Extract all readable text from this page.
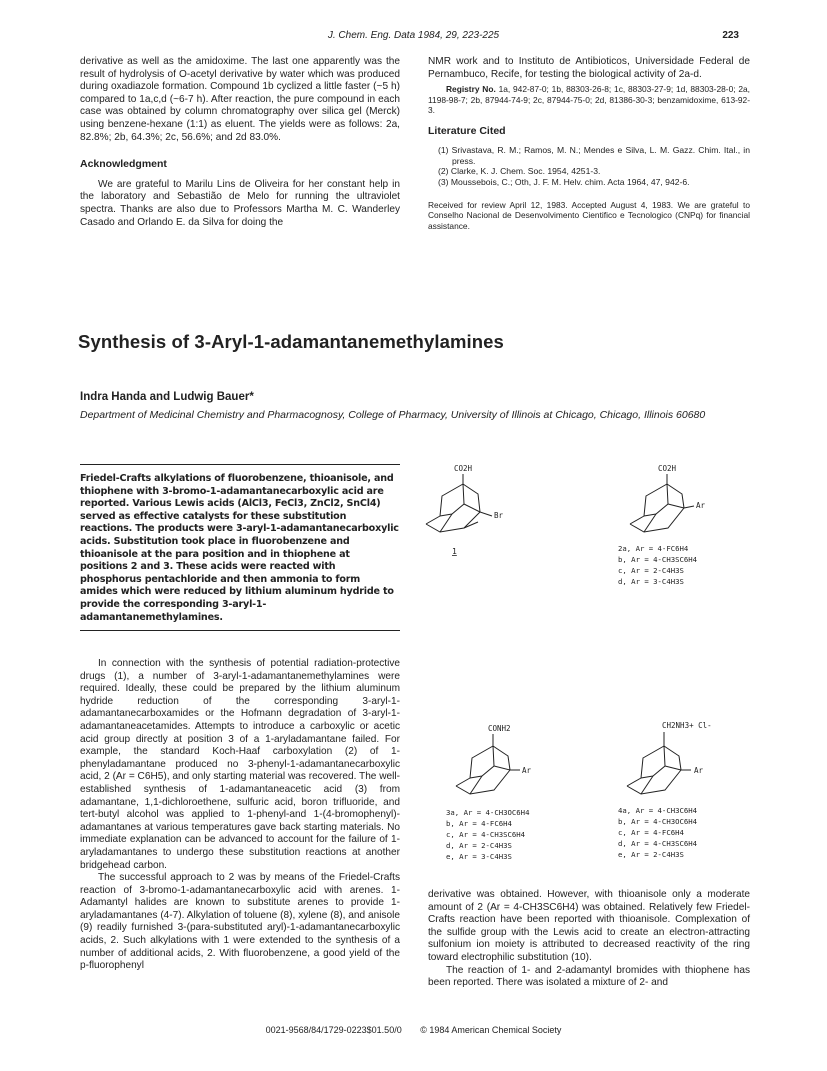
J. Chem. Eng. Data 1984, 29, 223-225	223

derivative as well as the amidoxime. The last one apparently was the result of hydrolysis of O-acetyl derivative by water which was produced during oxadiazole formation. Compound 1b cyclized a little faster (~5 h) compared to 1a,c,d (~6-7 h). After reaction, the pure compound in each case was obtained by column chromatography over silica gel (Merck) using benzene-hexane (1:1) as eluent. The yields were as follows: 2a, 82.8%; 2b, 64.3%; 2c, 56.6%; and 2d 83.0%.

Acknowledgment

We are grateful to Marilu Lins de Oliveira for her constant help in the laboratory and Sebastião de Melo for running the ultraviolet spectra. Thanks are also due to Professors Martha M. C. Wanderley Casado and Orlando E. da Silva for doing the

NMR work and to Instituto de Antibioticos, Universidade Federal de Pernambuco, Recife, for testing the biological activity of 2a-d.

Registry No. 1a, 942-87-0; 1b, 88303-26-8; 1c, 88303-27-9; 1d, 88303-28-0; 2a, 1198-98-7; 2b, 87944-74-9; 2c, 87944-75-0; 2d, 81386-30-3; benzamidoxime, 613-92-3.

Literature Cited

(1) Srivastava, R. M.; Ramos, M. N.; Mendes e Silva, L. M. Gazz. Chim. Ital., in press.

(2) Clarke, K. J. Chem. Soc. 1954, 4251-3.

(3) Moussebois, C.; Oth, J. F. M. Helv. chim. Acta 1964, 47, 942-6.

Received for review April 12, 1983. Accepted August 4, 1983. We are grateful to Conselho Nacional de Desenvolvimento Cientifico e Tecnologico (CNPq) for financial assistance.

Synthesis of 3-Aryl-1-adamantanemethylamines
Indra Handa and Ludwig Bauer*
Department of Medicinal Chemistry and Pharmacognosy, College of Pharmacy, University of Illinois at Chicago, Chicago, Illinois 60680
Friedel-Crafts alkylations of fluorobenzene, thioanisole, and thiophene with 3-bromo-1-adamantanecarboxylic acid are reported. Various Lewis acids (AlCl3, FeCl3, ZnCl2, SnCl4) served as effective catalysts for these substitution reactions. The products were 3-aryl-1-adamantanecarboxylic acids. Substitution took place in fluorobenzene and thioanisole at the para position and in thiophene at positions 2 and 3. These acids were reacted with phosphorus pentachloride and then ammonia to form amides which were reduced by lithium aluminum hydride to provide the corresponding 3-aryl-1-adamantanemethylamines.

In connection with the synthesis of potential radiation-protective drugs (1), a number of 3-aryl-1-adamantanemethylamines were required. Ideally, these could be prepared by the lithium aluminum hydride reduction of the corresponding 3-aryl-1-adamantanecarboxamides or the Hofmann degradation of 3-aryl-1-adamantaneacetamides. Attempts to introduce a carboxylic or acetic acid group directly at position 3 of a 1-aryladamantane failed. For example, the standard Koch-Haaf carboxylation (2) of 1-phenyladamantane produced no 3-phenyl-1-adamantanecarboxylic acid, 2 (Ar = C6H5), and only starting material was recovered. The well-established synthesis of 1-adamantaneacetic acid (3) from adamantane, 1,1-dichloroethene, sulfuric acid, boron trifluoride, and tert-butyl alcohol was applied to 1-phenyl-and 1-(4-bromophenyl)-adamantanes at various temperatures gave back starting materials. No immediate explanation can be advanced to account for the failure of 1-aryladamantanes to undergo these substitution reactions at another bridgehead carbon.

The successful approach to 2 was by means of the Friedel-Crafts reaction of 3-bromo-1-adamantanecarboxylic acid with arenes. 1-Adamantyl halides are known to substitute arenes to provide 1-aryladamantanes (4-7). Alkylation of toluene (8), xylene (8), and anisole (9) readily furnished 3-(para-substituted aryl)-1-adamantanecarboxylic acids, 2. Such alkylations with 1 were extended to the synthesis of a number of additional acids, 2. With fluorobenzene, a good yield of the p-fluorophenyl

derivative was obtained. However, with thioanisole only a moderate amount of 2 (Ar = 4-CH3SC6H4) was obtained. Relatively few Friedel-Crafts reaction have been reported with thioanisole. Complexation of the sulfide group with the Lewis acid to create an electron-attracting sulfonium ion moiety is attributed to decreased reactivity of the ring toward electrophilic substitution (10).

The reaction of 1- and 2-adamantyl bromides with thiophene has been reported. There was isolated a mixture of 2- and

CO2H
Br
1
CO2H
Ar
2a, Ar = 4-FC6H4
b, Ar = 4-CH3SC6H4
c, Ar = 2-C4H3S
d, Ar = 3-C4H3S
CONH2
Ar
3a, Ar = 4-CH3OC6H4
b, Ar = 4-FC6H4
c, Ar = 4-CH3SC6H4
d, Ar = 2-C4H3S
e, Ar = 3-C4H3S
CH2NH3+ Cl-
Ar
4a, Ar = 4-CH3C6H4
b, Ar = 4-CH3OC6H4
c, Ar = 4-FC6H4
d, Ar = 4-CH3SC6H4
e, Ar = 2-C4H3S
0021-9568/84/1729-0223$01.50/0 © 1984 American Chemical Society
